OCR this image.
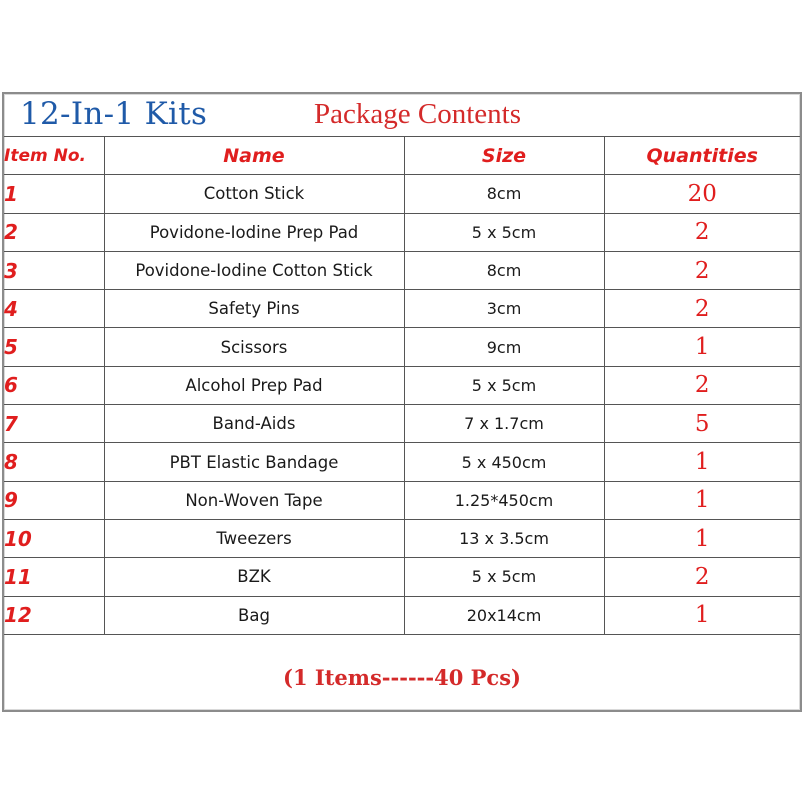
12-In-1 Kits	Package Contents
Item No.	Name	Size	Quantities
1	Cotton Stick	8cm	20
2	Povidone-Iodine Prep Pad	5 x 5cm	2
3	Povidone-Iodine Cotton Stick	8cm	2
4	Safety Pins	3cm	2
5	Scissors	9cm	1
6	Alcohol Prep Pad	5 x 5cm	2
7	Band-Aids	7 x 1.7cm	5
8	PBT Elastic Bandage	5 x 450cm	1
9	Non-Woven Tape	1.25*450cm	1
10	Tweezers	13 x 3.5cm	1
11	BZK	5 x 5cm	2
12	Bag	20x14cm	1
(1 Items------40 Pcs)
